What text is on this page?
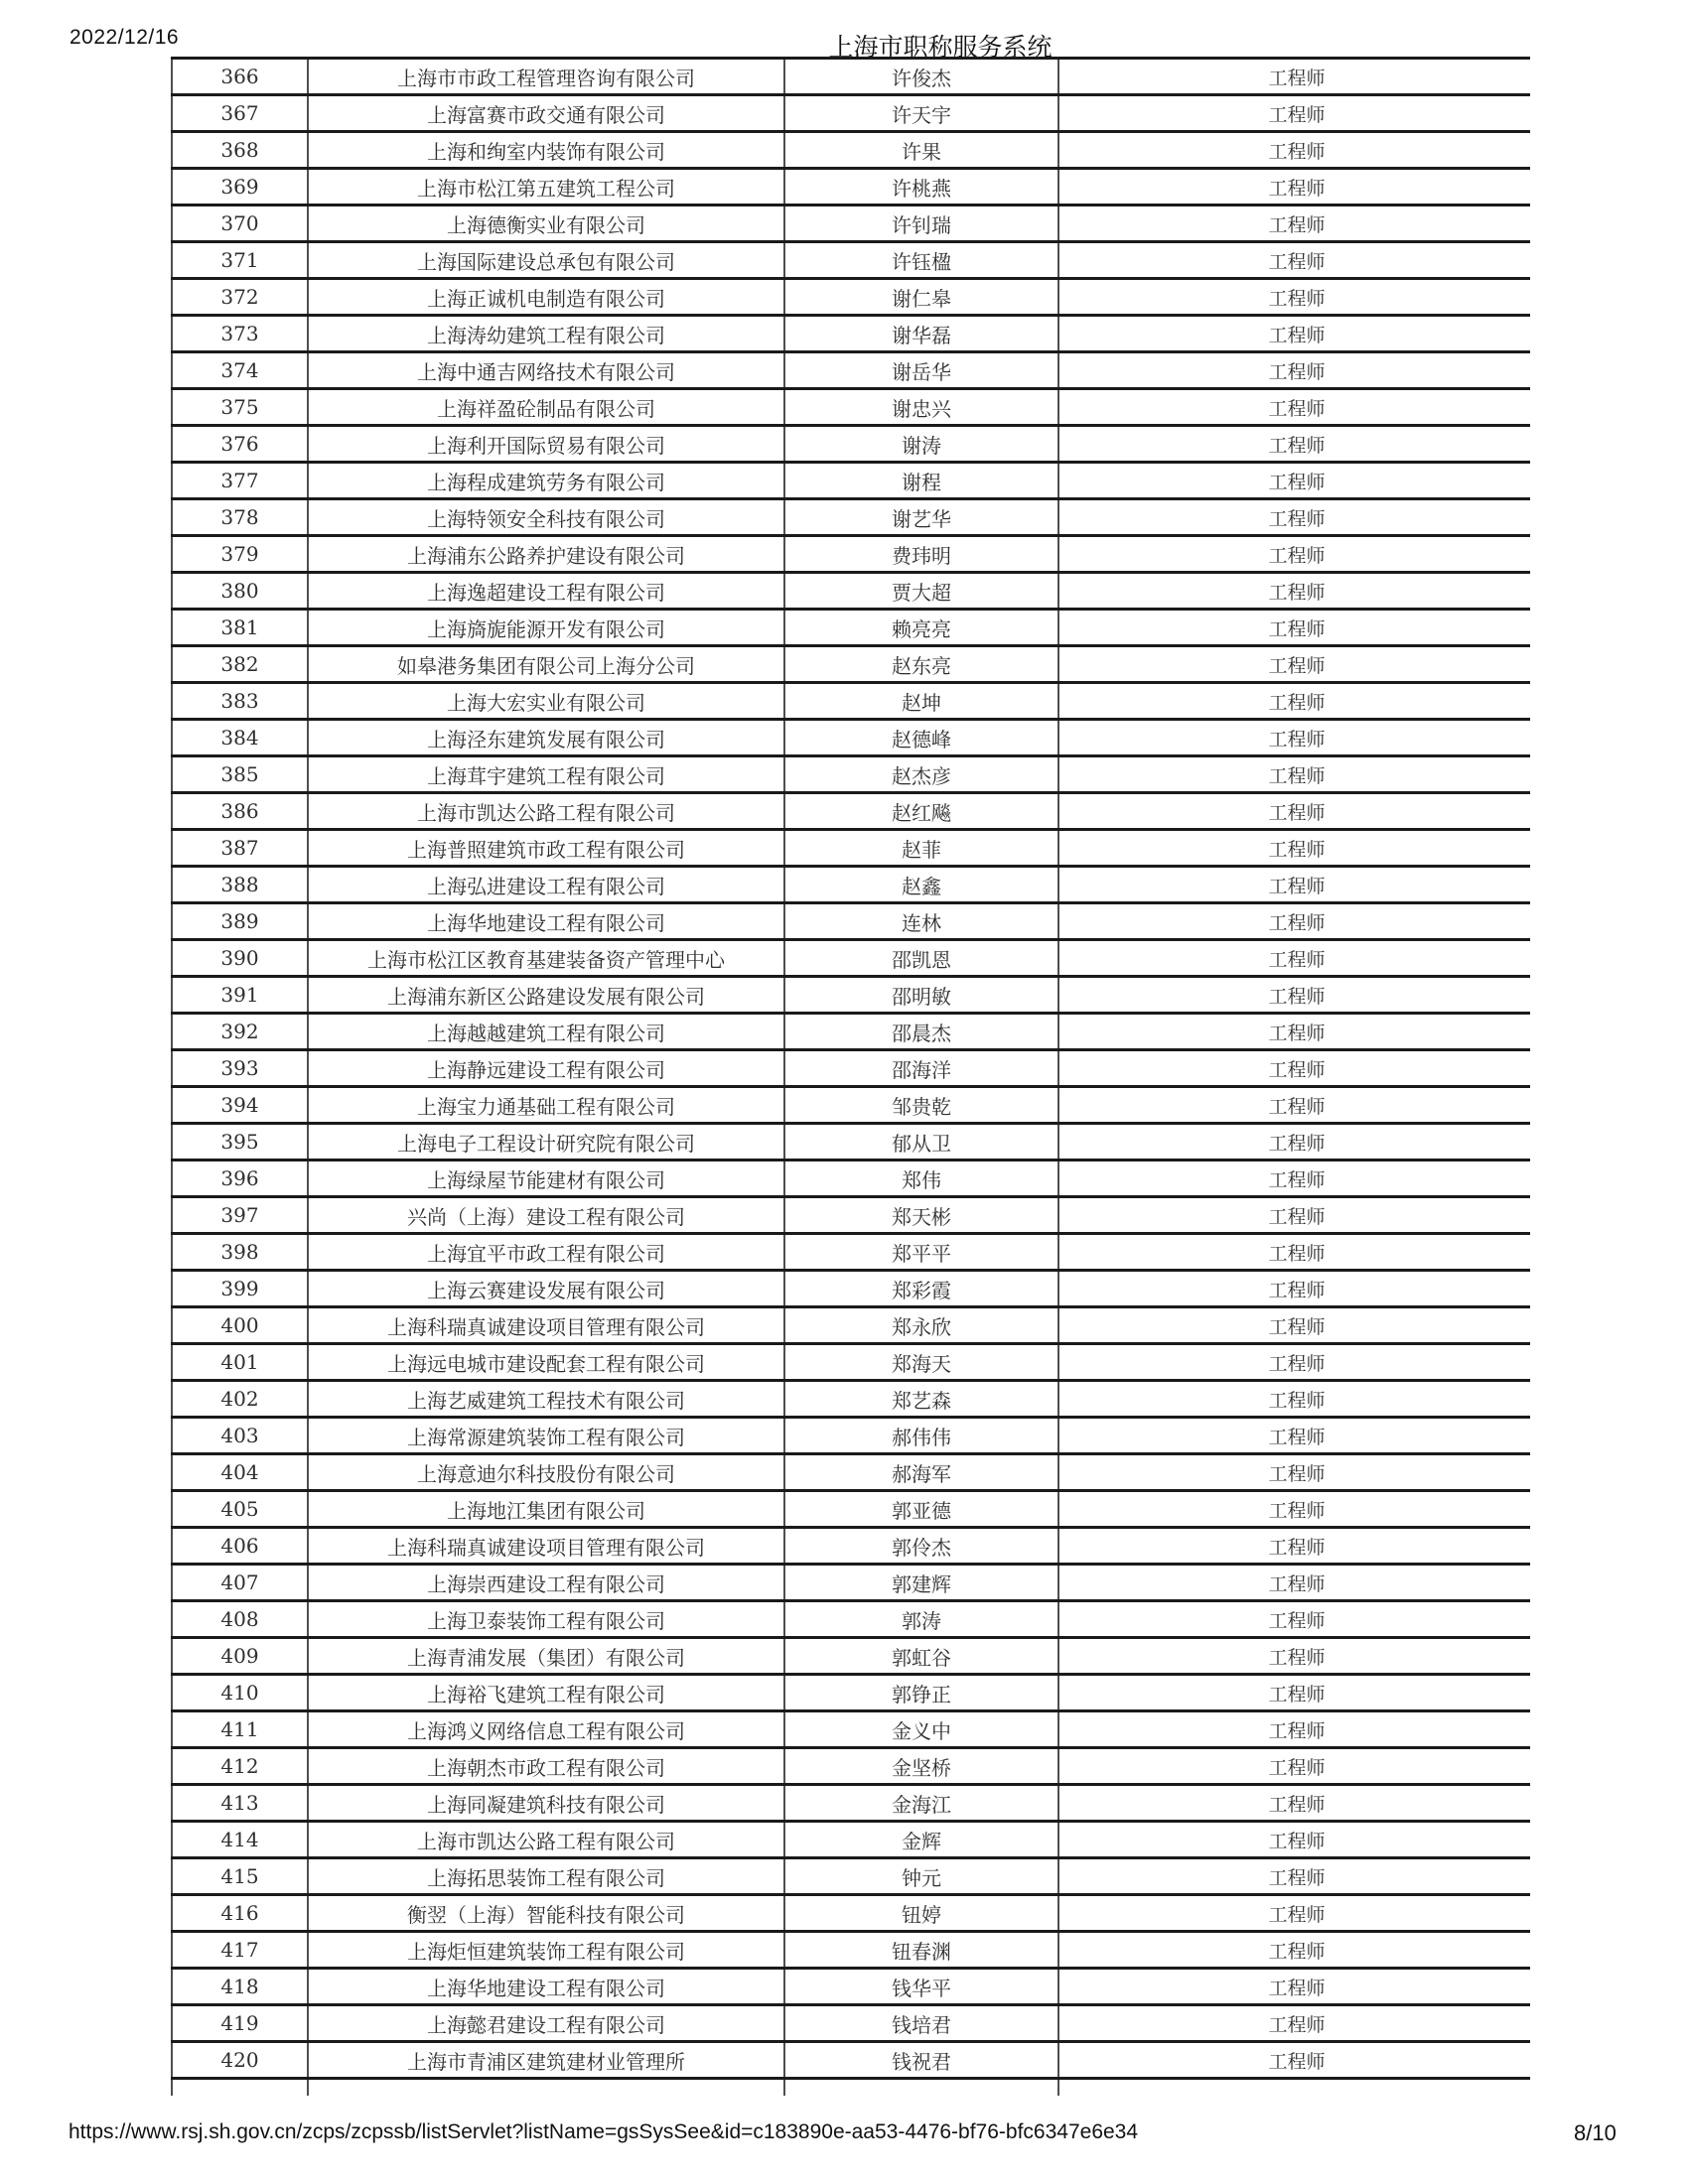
2022/12/16	上海市职称服务系统
366	上海市市政工程管理咨询有限公司	许俊杰	工程师
367	上海富赛市政交通有限公司	许天宇	工程师
368	上海和绚室内装饰有限公司	许果	工程师
369	上海市松江第五建筑工程公司	许桃燕	工程师
370	上海德衡实业有限公司	许钊瑞	工程师
371	上海国际建设总承包有限公司	许钰楹	工程师
372	上海正诚机电制造有限公司	谢仁皋	工程师
373	上海涛幼建筑工程有限公司	谢华磊	工程师
374	上海中通吉网络技术有限公司	谢岳华	工程师
375	上海祥盈砼制品有限公司	谢忠兴	工程师
376	上海利开国际贸易有限公司	谢涛	工程师
377	上海程成建筑劳务有限公司	谢程	工程师
378	上海特领安全科技有限公司	谢艺华	工程师
379	上海浦东公路养护建设有限公司	费玮明	工程师
380	上海逸超建设工程有限公司	贾大超	工程师
381	上海旖旎能源开发有限公司	赖亮亮	工程师
382	如皋港务集团有限公司上海分公司	赵东亮	工程师
383	上海大宏实业有限公司	赵坤	工程师
384	上海泾东建筑发展有限公司	赵德峰	工程师
385	上海茸宇建筑工程有限公司	赵杰彦	工程师
386	上海市凯达公路工程有限公司	赵红飚	工程师
387	上海普照建筑市政工程有限公司	赵菲	工程师
388	上海弘进建设工程有限公司	赵鑫	工程师
389	上海华地建设工程有限公司	连林	工程师
390	上海市松江区教育基建装备资产管理中心	邵凯恩	工程师
391	上海浦东新区公路建设发展有限公司	邵明敏	工程师
392	上海越越建筑工程有限公司	邵晨杰	工程师
393	上海静远建设工程有限公司	邵海洋	工程师
394	上海宝力通基础工程有限公司	邹贵乾	工程师
395	上海电子工程设计研究院有限公司	郁从卫	工程师
396	上海绿屋节能建材有限公司	郑伟	工程师
397	兴尚（上海）建设工程有限公司	郑天彬	工程师
398	上海宜平市政工程有限公司	郑平平	工程师
399	上海云赛建设发展有限公司	郑彩霞	工程师
400	上海科瑞真诚建设项目管理有限公司	郑永欣	工程师
401	上海远电城市建设配套工程有限公司	郑海天	工程师
402	上海艺威建筑工程技术有限公司	郑艺森	工程师
403	上海常源建筑装饰工程有限公司	郝伟伟	工程师
404	上海意迪尔科技股份有限公司	郝海军	工程师
405	上海地江集团有限公司	郭亚德	工程师
406	上海科瑞真诚建设项目管理有限公司	郭伶杰	工程师
407	上海崇西建设工程有限公司	郭建辉	工程师
408	上海卫泰装饰工程有限公司	郭涛	工程师
409	上海青浦发展（集团）有限公司	郭虹谷	工程师
410	上海裕飞建筑工程有限公司	郭铮正	工程师
411	上海鸿义网络信息工程有限公司	金义中	工程师
412	上海朝杰市政工程有限公司	金坚桥	工程师
413	上海同凝建筑科技有限公司	金海江	工程师
414	上海市凯达公路工程有限公司	金辉	工程师
415	上海拓思装饰工程有限公司	钟元	工程师
416	衡翌（上海）智能科技有限公司	钮婷	工程师
417	上海炬恒建筑装饰工程有限公司	钮春渊	工程师
418	上海华地建设工程有限公司	钱华平	工程师
419	上海懿君建设工程有限公司	钱培君	工程师
420	上海市青浦区建筑建材业管理所	钱祝君	工程师

https://www.rsj.sh.gov.cn/zcps/zcpssb/listServlet?listName=gsSysSee&id=c183890e-aa53-4476-bf76-bfc6347e6e34	8/10
